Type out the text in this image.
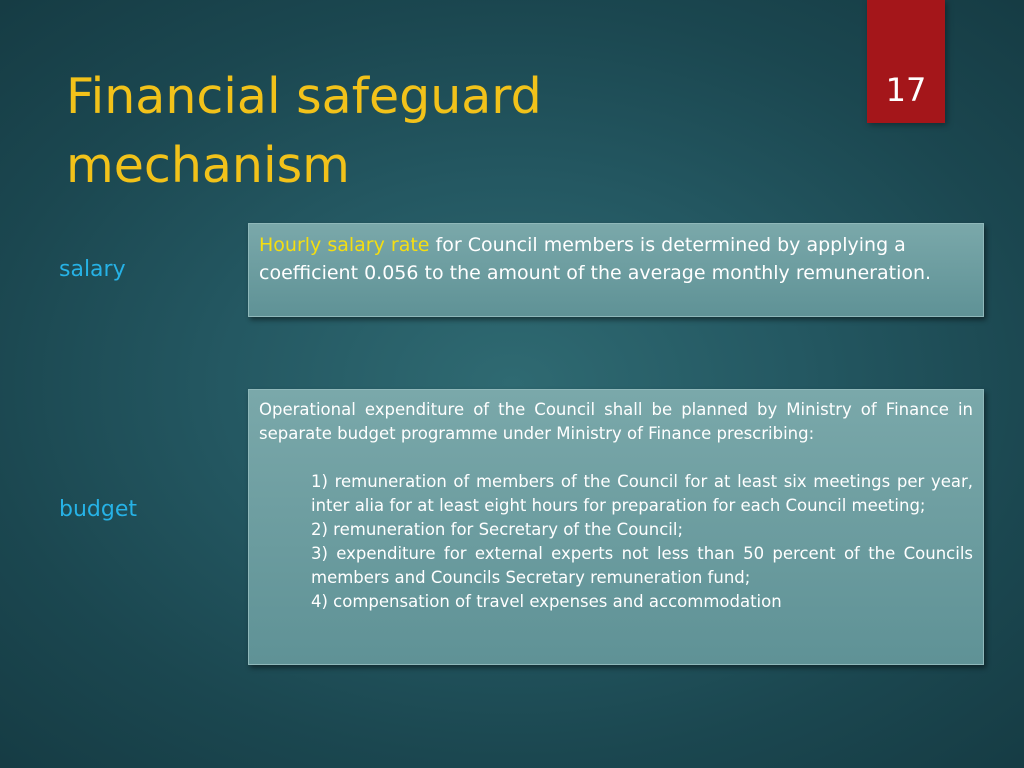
17
Financial safeguard mechanism
salary
Hourly salary rate for Council members is determined by applying a coefficient 0.056 to the amount of the average monthly remuneration.
budget

Operational expenditure of the Council shall be planned by Ministry of Finance in separate budget programme under Ministry of Finance prescribing:

1) remuneration of members of the Council for at least six meetings per year, inter alia for at least eight hours for preparation for each Council meeting;
2) remuneration for Secretary of the Council;
3) expenditure for external experts not less than 50 percent of the Councils members and Councils Secretary remuneration fund;
4) compensation of travel expenses and accommodation
